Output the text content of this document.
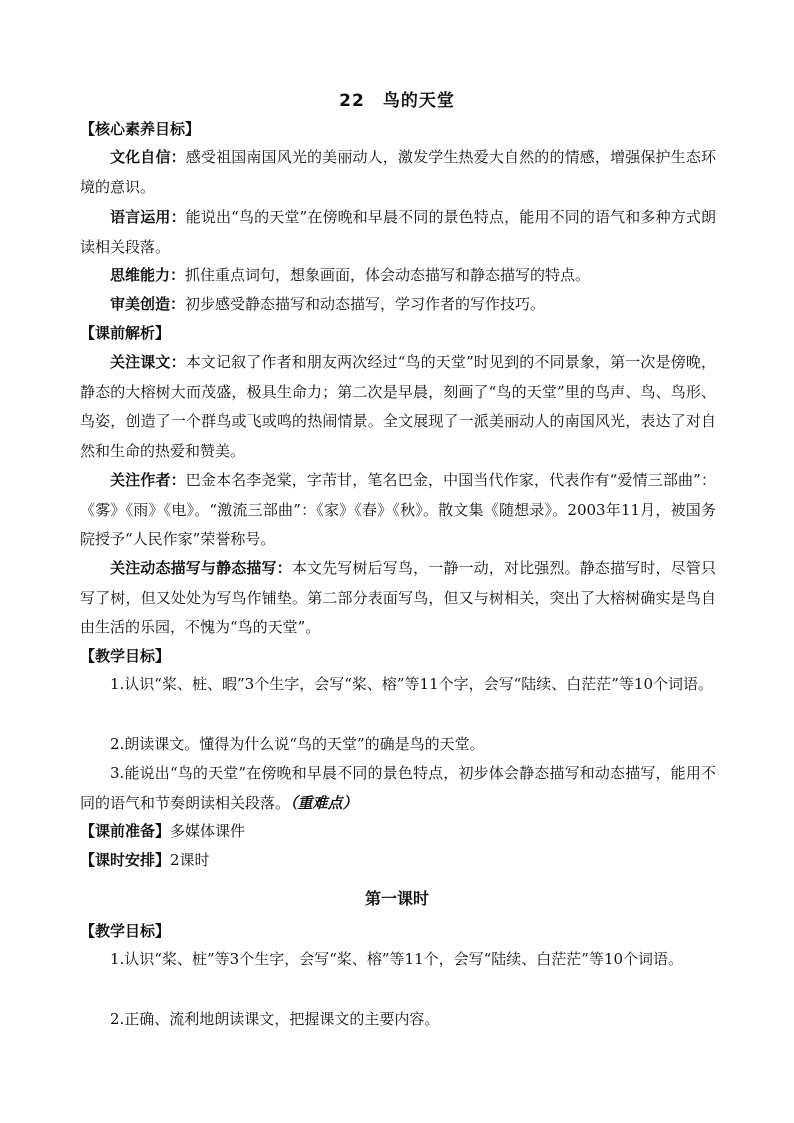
22 鸟的天堂
【核心素养目标】

文化自信：感受祖国南国风光的美丽动人，激发学生热爱大自然的的情感，增强保护生态环境的意识。

语言运用：能说出“鸟的天堂”在傍晚和早晨不同的景色特点，能用不同的语气和多种方式朗读相关段落。

思维能力：抓住重点词句，想象画面，体会动态描写和静态描写的特点。

审美创造：初步感受静态描写和动态描写，学习作者的写作技巧。

【课前解析】

关注课文：本文记叙了作者和朋友两次经过“鸟的天堂”时见到的不同景象，第一次是傍晚，静态的大榕树大而茂盛，极具生命力；第二次是早晨，刻画了“鸟的天堂”里的鸟声、鸟、鸟形、鸟姿，创造了一个群鸟或飞或鸣的热闹情景。全文展现了一派美丽动人的南国风光，表达了对自然和生命的热爱和赞美。

关注作者：巴金本名李尧棠，字芾甘，笔名巴金，中国当代作家，代表作有“爱情三部曲”：《雾》《雨》《电》。“激流三部曲”：《家》《春》《秋》。散文集《随想录》。2003年11月，被国务院授予“人民作家”荣誉称号。

关注动态描写与静态描写：本文先写树后写鸟，一静一动，对比强烈。静态描写时，尽管只写了树，但又处处为写鸟作铺垫。第二部分表面写鸟，但又与树相关，突出了大榕树确实是鸟自由生活的乐园，不愧为“鸟的天堂”。

【教学目标】

1.认识“桨、桩、暇”3个生字，会写“桨、榕”等11个字，会写“陆续、白茫茫”等10个词语。

2.朗读课文。懂得为什么说“鸟的天堂”的确是鸟的天堂。

3.能说出“鸟的天堂”在傍晚和早晨不同的景色特点，初步体会静态描写和动态描写，能用不同的语气和节奏朗读相关段落。（重难点）

【课前准备】多媒体课件
【课时安排】2课时
第一课时
【教学目标】

1.认识“桨、桩”等3个生字，会写“桨、榕”等11个，会写“陆续、白茫茫”等10个词语。

2.正确、流利地朗读课文，把握课文的主要内容。
